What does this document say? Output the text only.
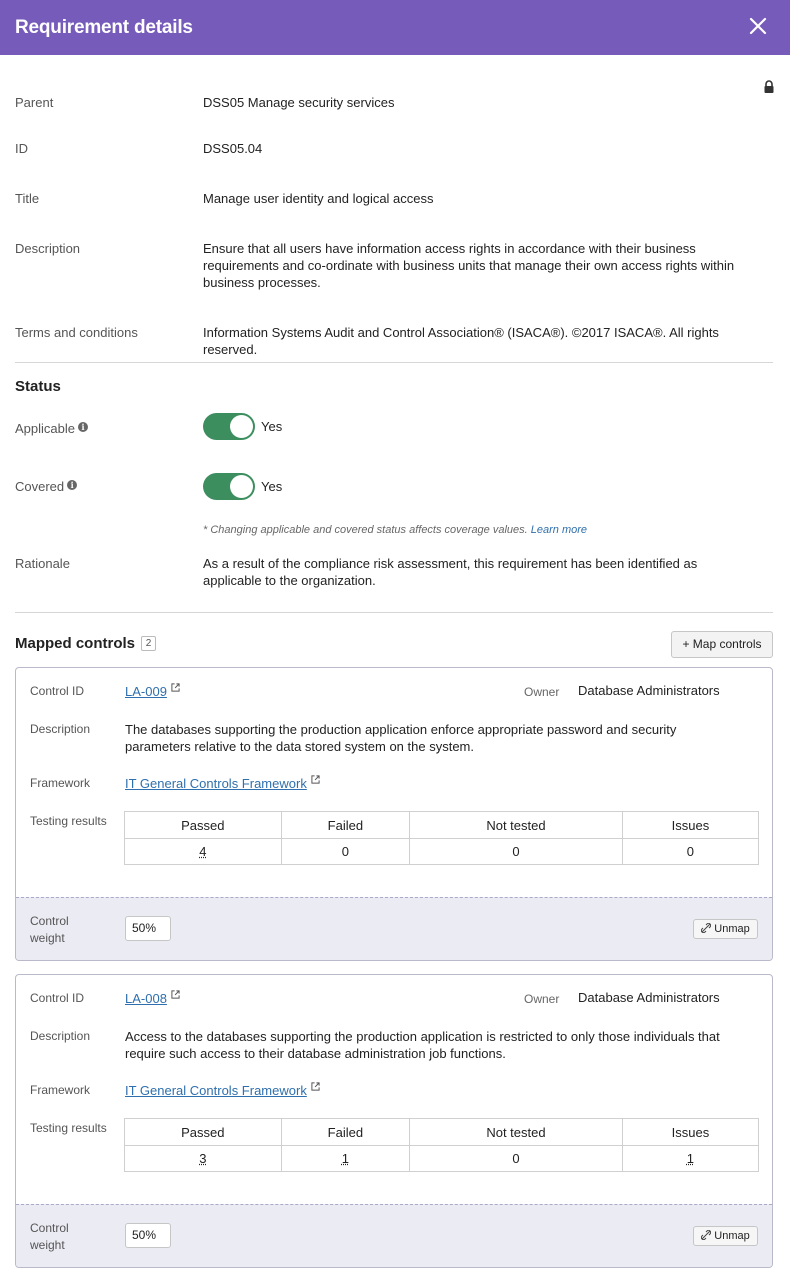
Requirement details
Parent	DSS05 Manage security services
ID	DSS05.04
Title	Manage user identity and logical access
Description	Ensure that all users have information access rights in accordance with their business requirements and co-ordinate with business units that manage their own access rights within business processes.
Terms and conditions	Information Systems Audit and Control Association® (ISACA®). ©2017 ISACA®. All rights reserved.
Status
Applicable i	Yes
Covered i	Yes
* Changing applicable and covered status affects coverage values. Learn more
Rationale	As a result of the compliance risk assessment, this requirement has been identified as applicable to the organization.
Mapped controls 2	+ Map controls
Control ID	LA-009	Owner Database Administrators
Description	The databases supporting the production application enforce appropriate password and security parameters relative to the data stored system on the system.
Framework	IT General Controls Framework
Testing results	Passed	Failed	Not tested	Issues
4	0	0	0
Control weight
50%	Unmap
Control ID	LA-008	Owner Database Administrators
Description	Access to the databases supporting the production application is restricted to only those individuals that require such access to their database administration job functions.
Framework	IT General Controls Framework
Testing results	Passed	Failed	Not tested	Issues
3	1	0	1
Control weight
50%	Unmap
